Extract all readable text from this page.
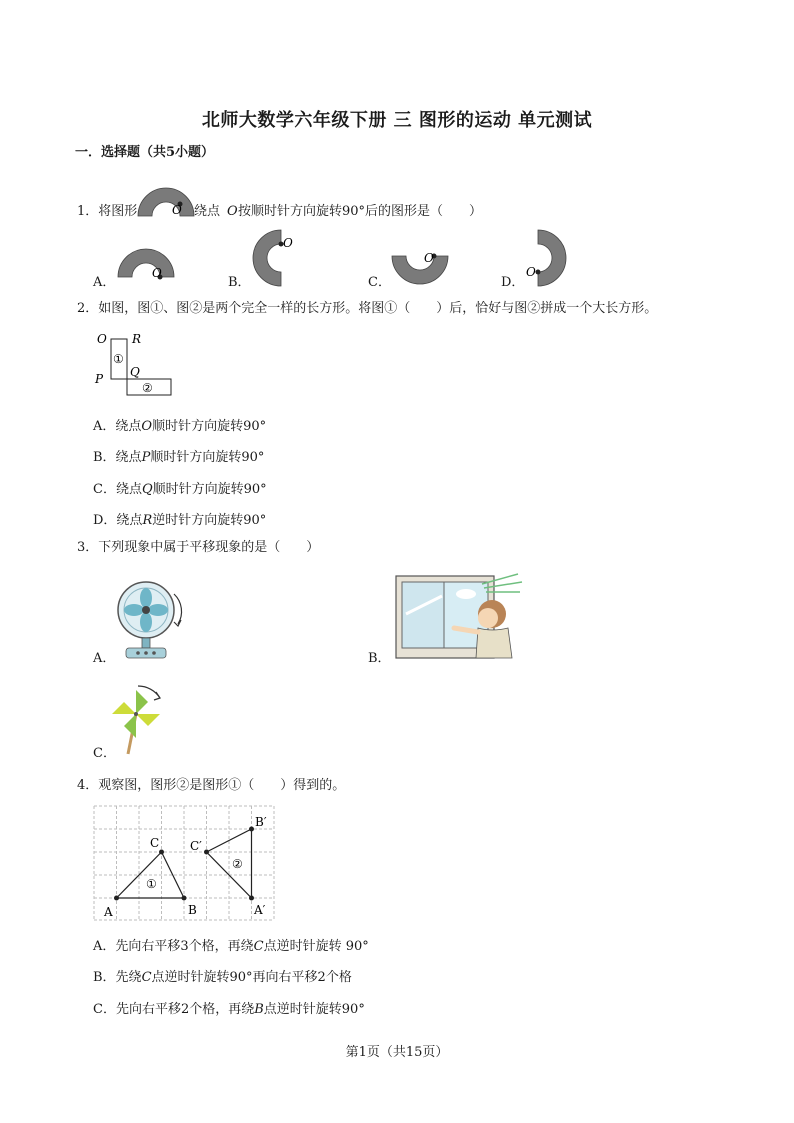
北师大数学六年级下册 三 图形的运动 单元测试
一．选择题（共5小题）
1．将图形	O 绕点 O 按顺时针方向旋转90°后的图形是（　　）
A．
O
B．
O
C．
O
D．
O
2．如图，图①、图②是两个完全一样的长方形。将图①（　　）后，恰好与图②拼成一个大长方形。
O R
P Q
①
②
A．绕点O顺时针方向旋转90°
B．绕点P顺时针方向旋转90°
C．绕点Q顺时针方向旋转90°
D．绕点R逆时针方向旋转90°
3．下列现象中属于平移现象的是（　　）
A．	B．
C．
4．观察图，图形②是图形①（　　）得到的。
A	B
C
①
B′
A′
C′
②
A．先向右平移3个格，再绕C点逆时针旋转 90°
B．先绕C点逆时针旋转90°再向右平移2个格
C．先向右平移2个格，再绕B点逆时针旋转90°
第1页（共15页）
